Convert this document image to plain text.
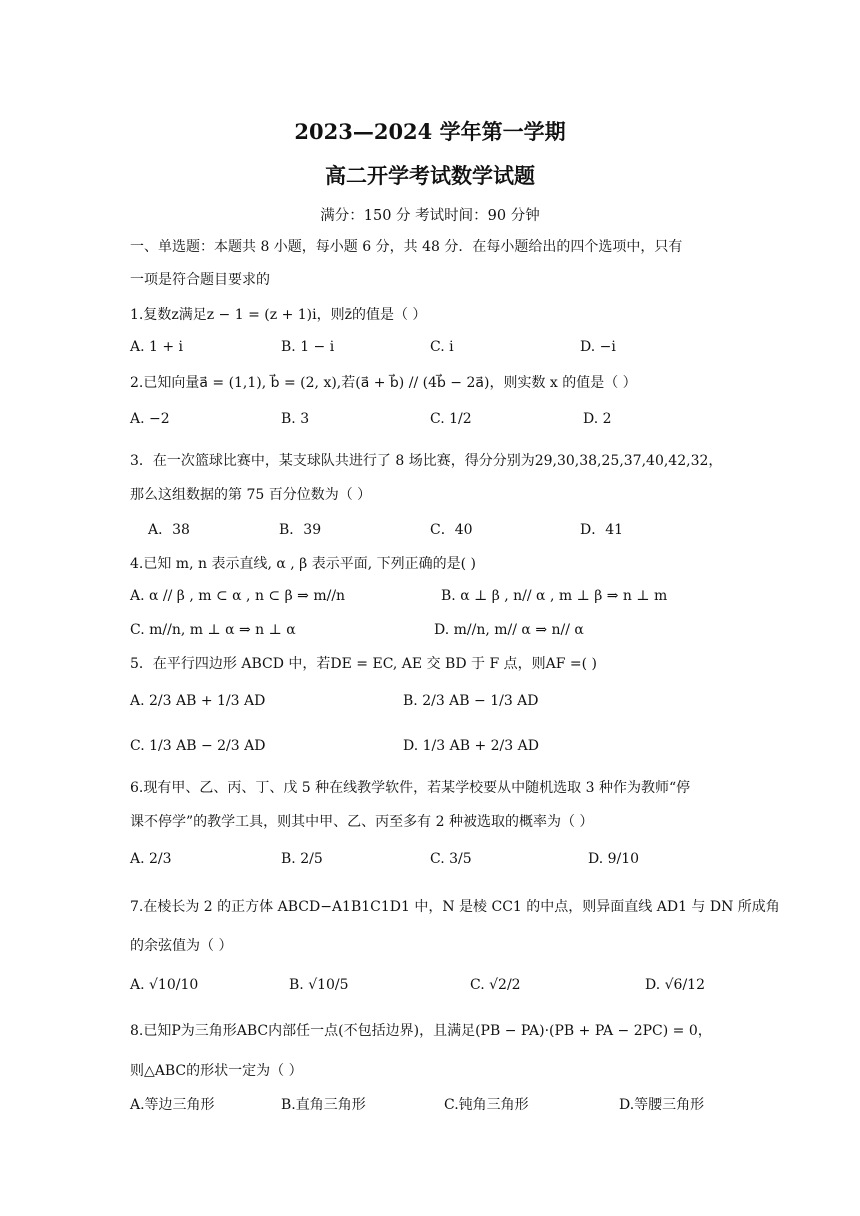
2023—2024 学年第一学期
高二开学考试数学试题
满分：150 分 考试时间：90 分钟
一、单选题：本题共 8 小题，每小题 6 分，共 48 分．在每小题给出的四个选项中，只有
一项是符合题目要求的
1.复数z满足z − 1 = (z + 1)i，则z̄的值是（ ）
A. 1 + i	B. 1 − i	C. i	D. −i
2.已知向量a⃗ = (1,1), b⃗ = (2, x),若(a⃗ + b⃗) // (4b⃗ − 2a⃗)，则实数 x 的值是（ ）
A. −2	B. 3	C. 1/2	D. 2
3．在一次篮球比赛中，某支球队共进行了 8 场比赛，得分分别为29,30,38,25,37,40,42,32，
那么这组数据的第 75 百分位数为（ ）
A．38	B．39	C．40	D．41
4.已知 m, n 表示直线, α , β 表示平面, 下列正确的是( )
A. α // β , m ⊂ α , n ⊂ β ⇒ m//n	B. α ⊥ β , n// α , m ⊥ β ⇒ n ⊥ m
C. m//n, m ⊥ α ⇒ n ⊥ α	D. m//n, m// α ⇒ n// α
5．在平行四边形 ABCD 中，若DE = EC, AE 交 BD 于 F 点，则AF =( )
A. 2/3 AB + 1/3 AD	B. 2/3 AB − 1/3 AD
C. 1/3 AB − 2/3 AD	D. 1/3 AB + 2/3 AD
6.现有甲、乙、丙、丁、戊 5 种在线教学软件，若某学校要从中随机选取 3 种作为教师“停
课不停学”的教学工具，则其中甲、乙、丙至多有 2 种被选取的概率为（ ）
A. 2/3	B. 2/5	C. 3/5	D. 9/10
7.在棱长为 2 的正方体 ABCD−A1B1C1D1 中，N 是棱 CC1 的中点，则异面直线 AD1 与 DN 所成角
的余弦值为（ ）
A. √10/10	B. √10/5	C. √2/2	D. √6/12
8.已知P为三角形ABC内部任一点(不包括边界)，且满足(PB − PA)·(PB + PA − 2PC) = 0，
则△ABC的形状一定为（ ）
A.等边三角形	B.直角三角形	C.钝角三角形	D.等腰三角形
